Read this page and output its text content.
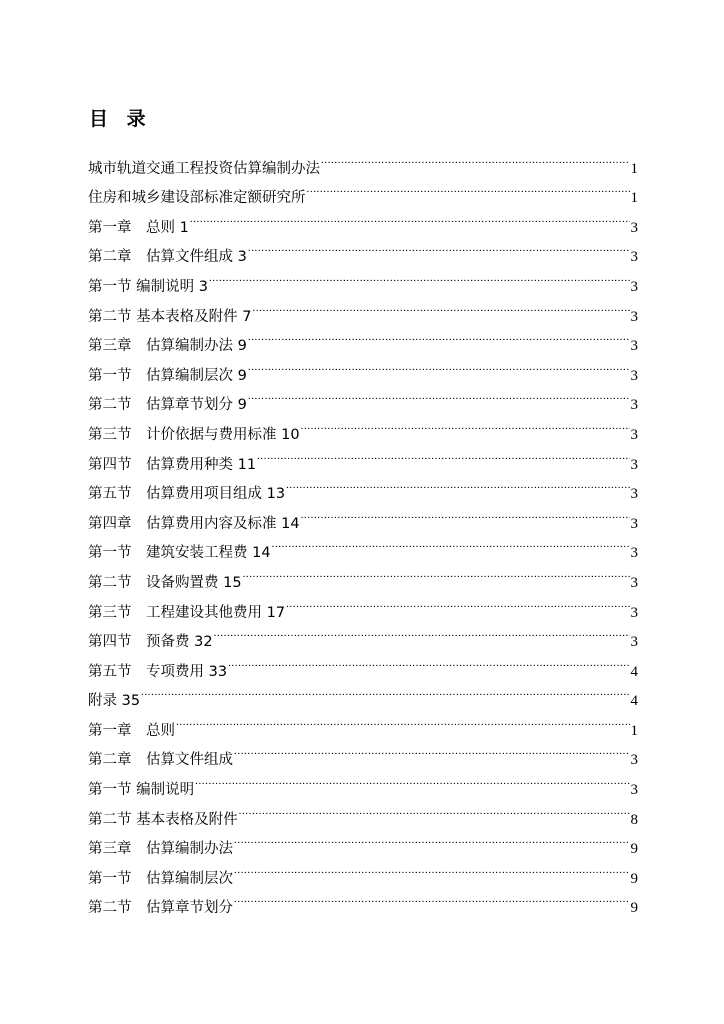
目 录
城市轨道交通工程投资估算编制办法 .....	1
住房和城乡建设部标准定额研究所 .....	1
第一章　总则 1 .....	3
第二章　估算文件组成 3 .....	3
第一节 编制说明 3 .....	3
第二节 基本表格及附件 7 .....	3
第三章　估算编制办法 9 .....	3
第一节　估算编制层次 9 .....	3
第二节　估算章节划分 9 .....	3
第三节　计价依据与费用标准 10 .....	3
第四节　估算费用种类 11 .....	3
第五节　估算费用项目组成 13 .....	3
第四章　估算费用内容及标准 14 .....	3
第一节　建筑安装工程费 14 .....	3
第二节　设备购置费 15 .....	3
第三节　工程建设其他费用 17 .....	3
第四节　预备费 32 .....	3
第五节　专项费用 33 .....	4
附录 35 .....	4
第一章　总则 .....	1
第二章　估算文件组成 .....	3
第一节 编制说明 .....	3
第二节 基本表格及附件 .....	8
第三章　估算编制办法 .....	9
第一节　估算编制层次 .....	9
第二节　估算章节划分 .....	9
